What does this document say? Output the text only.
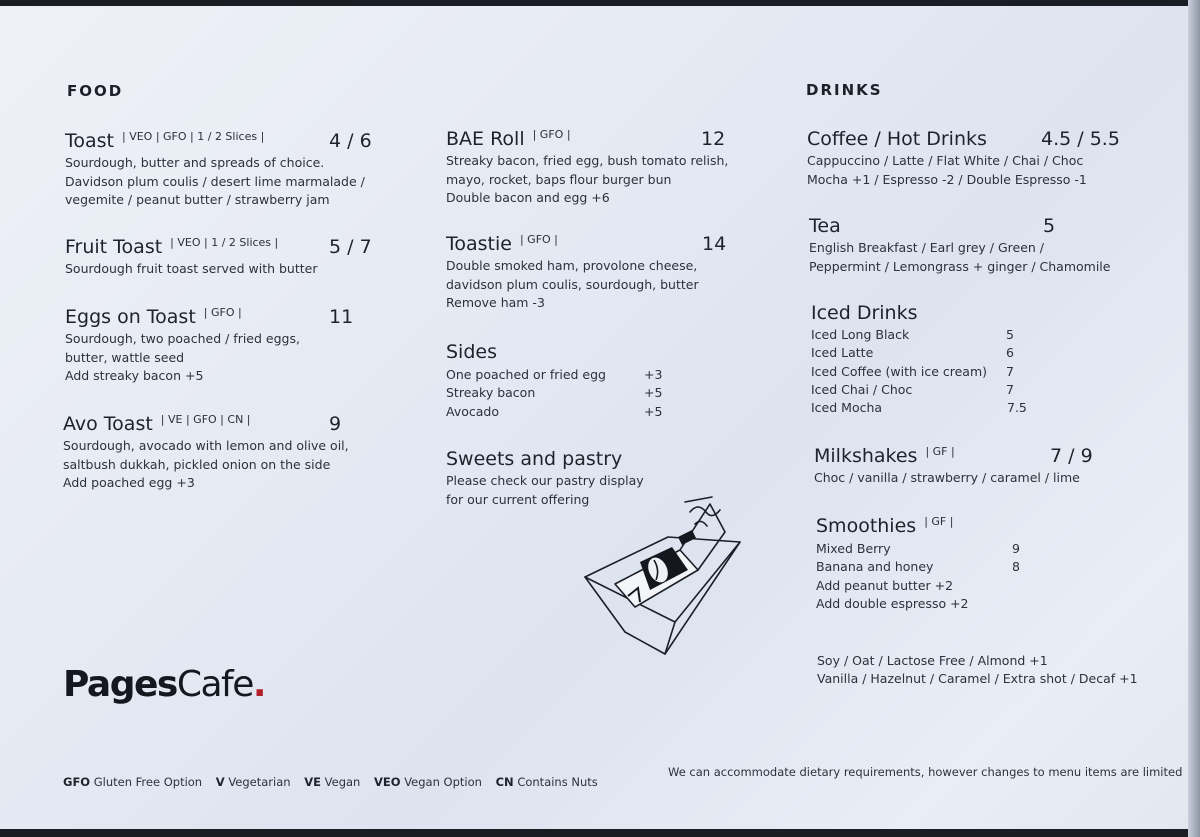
FOOD
Toast | VEO | GFO | 1 / 2 Slices |	4 / 6
Sourdough, butter and spreads of choice.
Davidson plum coulis / desert lime marmalade /
vegemite / peanut butter / strawberry jam
Fruit Toast | VEO | 1 / 2 Slices |	5 / 7
Sourdough fruit toast served with butter
Eggs on Toast | GFO |	11
Sourdough, two poached / fried eggs,
butter, wattle seed
Add streaky bacon +5
Avo Toast | VE | GFO | CN |	9
Sourdough, avocado with lemon and olive oil,
saltbush dukkah, pickled onion on the side
Add poached egg +3
BAE Roll | GFO |	12
Streaky bacon, fried egg, bush tomato relish,
mayo, rocket, baps flour burger bun
Double bacon and egg +6
Toastie | GFO |	14
Double smoked ham, provolone cheese,
davidson plum coulis, sourdough, butter
Remove ham -3
Sides
One poached or fried egg	+3
Streaky bacon	+5
Avocado	+5
Sweets and pastry
Please check our pastry display
for our current offering
DRINKS
Coffee / Hot Drinks	4.5 / 5.5
Cappuccino / Latte / Flat White / Chai / Choc
Mocha +1 / Espresso -2 / Double Espresso -1
Tea	5
English Breakfast / Earl grey / Green /
Peppermint / Lemongrass + ginger / Chamomile
Iced Drinks
Iced Long Black	5
Iced Latte	6
Iced Coffee (with ice cream) 7
Iced Chai / Choc	7
Iced Mocha	7.5
Milkshakes | GF |	7 / 9
Choc / vanilla / strawberry / caramel / lime
Smoothies | GF |
Mixed Berry	9
Banana and honey	8
Add peanut butter +2
Add double espresso +2
Soy / Oat / Lactose Free / Almond +1
Vanilla / Hazelnut / Caramel / Extra shot / Decaf +1
PagesCafe.
GFO Gluten Free Option V Vegetarian VE Vegan VEO Vegan Option CN Contains Nuts
We can accommodate dietary requirements, however changes to menu items are limited
